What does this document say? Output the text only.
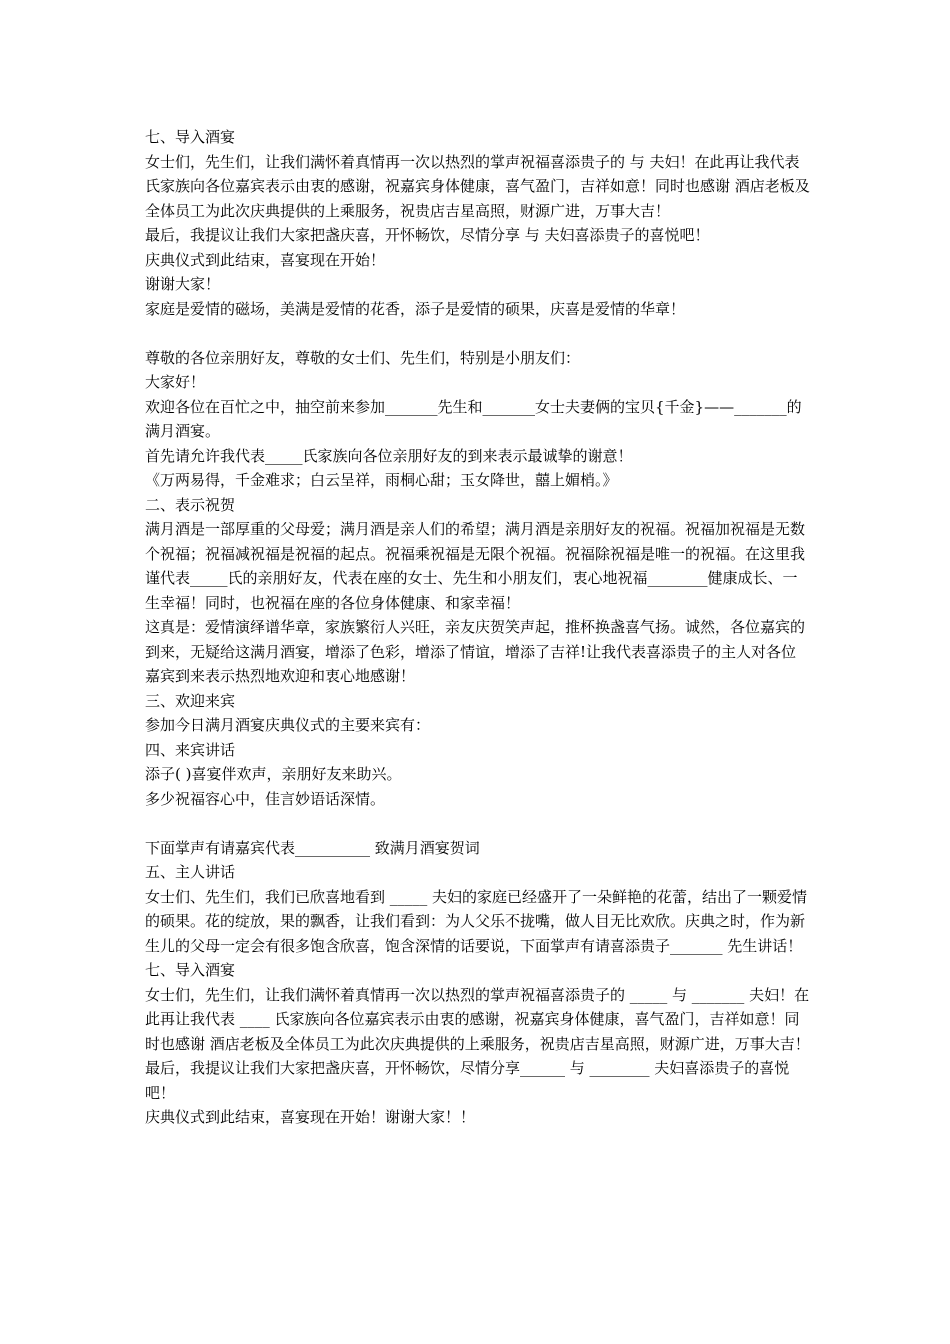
七、导入酒宴

女士们，先生们，让我们满怀着真情再一次以热烈的掌声祝福喜添贵子的 与 夫妇！在此再让我代表 氏家族向各位嘉宾表示由衷的感谢，祝嘉宾身体健康，喜气盈门，吉祥如意！同时也感谢 酒店老板及全体员工为此次庆典提供的上乘服务，祝贵店吉星高照，财源广进，万事大吉！

最后，我提议让我们大家把盏庆喜，开怀畅饮，尽情分享 与 夫妇喜添贵子的喜悦吧！

庆典仪式到此结束，喜宴现在开始！

谢谢大家！

家庭是爱情的磁场，美满是爱情的花香，添子是爱情的硕果，庆喜是爱情的华章！

尊敬的各位亲朋好友，尊敬的女士们、先生们，特别是小朋友们：

大家好！

欢迎各位在百忙之中，抽空前来参加_______先生和_______女士夫妻俩的宝贝{千金}——_______的满月酒宴。

首先请允许我代表_____氏家族向各位亲朋好友的到来表示最诚挚的谢意！

《万两易得，千金难求；白云呈祥，雨桐心甜；玉女降世，囍上媚梢。》

二、表示祝贺

满月酒是一部厚重的父母爱；满月酒是亲人们的希望；满月酒是亲朋好友的祝福。祝福加祝福是无数个祝福；祝福减祝福是祝福的起点。祝福乘祝福是无限个祝福。祝福除祝福是唯一的祝福。在这里我谨代表_____氏的亲朋好友，代表在座的女士、先生和小朋友们，衷心地祝福________健康成长、一生幸福！同时，也祝福在座的各位身体健康、和家幸福！

这真是：爱情演绎谱华章，家族繁衍人兴旺，亲友庆贺笑声起，推杯换盏喜气扬。诚然，各位嘉宾的到来，无疑给这满月酒宴，增添了色彩，增添了情谊，增添了吉祥!让我代表喜添贵子的主人对各位嘉宾到来表示热烈地欢迎和衷心地感谢！

三、欢迎来宾

参加今日满月酒宴庆典仪式的主要来宾有：

四、来宾讲话

添子( )喜宴伴欢声，亲朋好友来助兴。

多少祝福容心中，佳言妙语话深情。

下面掌声有请嘉宾代表__________ 致满月酒宴贺词

五、主人讲话

女士们、先生们，我们已欣喜地看到 _____ 夫妇的家庭已经盛开了一朵鲜艳的花蕾，结出了一颗爱情的硕果。花的绽放，果的飘香，让我们看到：为人父乐不拢嘴，做人目无比欢欣。庆典之时，作为新生儿的父母一定会有很多饱含欣喜，饱含深情的话要说，下面掌声有请喜添贵子_______ 先生讲话！

七、导入酒宴

女士们，先生们，让我们满怀着真情再一次以热烈的掌声祝福喜添贵子的 _____ 与 _______ 夫妇！在此再让我代表 ____ 氏家族向各位嘉宾表示由衷的感谢，祝嘉宾身体健康，喜气盈门，吉祥如意！同时也感谢 酒店老板及全体员工为此次庆典提供的上乘服务，祝贵店吉星高照，财源广进，万事大吉！

最后，我提议让我们大家把盏庆喜，开怀畅饮，尽情分享______ 与 ________ 夫妇喜添贵子的喜悦吧！

庆典仪式到此结束，喜宴现在开始！谢谢大家！！
